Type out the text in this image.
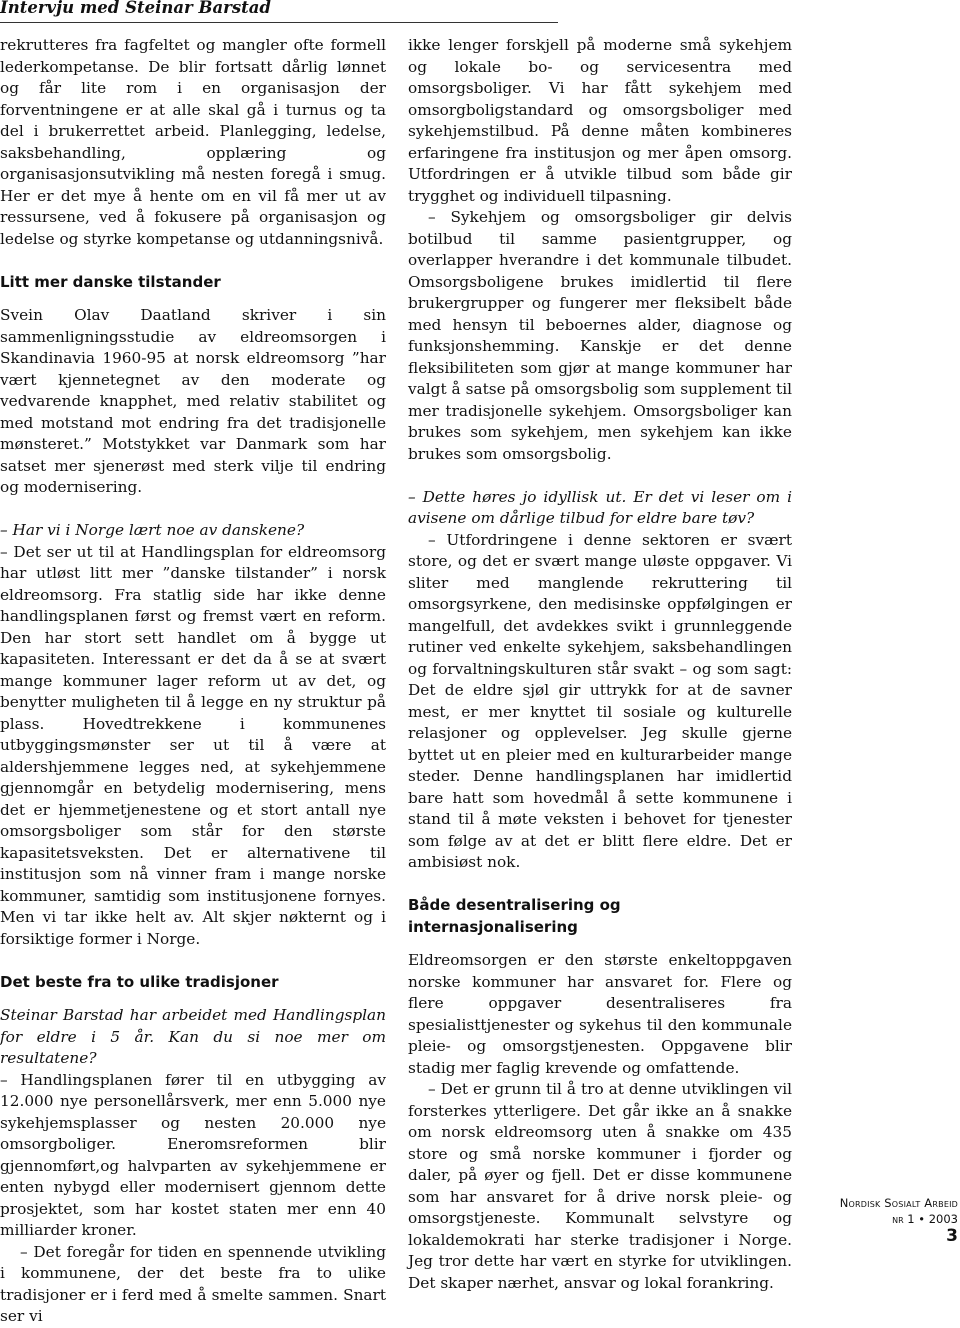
Intervju med Steinar Barstad

rekrutteres fra fagfeltet og mangler ofte formell lederkompetanse. De blir fortsatt dårlig lønnet og får lite rom i en organisasjon der forventningene er at alle skal gå i turnus og ta del i brukerrettet arbeid. Planlegging, ledelse, saksbehandling, opplæring og organisasjonsutvikling må nesten foregå i smug. Her er det mye å hente om en vil få mer ut av ressursene, ved å fokusere på organisasjon og ledelse og styrke kompetanse og utdanningsnivå.

Litt mer danske tilstander

Svein Olav Daatland skriver i sin sammenligningsstudie av eldreomsorgen i Skandinavia 1960-95 at norsk eldreomsorg ”har vært kjennetegnet av den moderate og vedvarende knapphet, med relativ stabilitet og med motstand mot endring fra det tradisjonelle mønsteret.” Motstykket var Danmark som har satset mer sjenerøst med sterk vilje til endring og modernisering.

– Har vi i Norge lært noe av danskene?

– Det ser ut til at Handlingsplan for eldreomsorg har utløst litt mer ”danske tilstander” i norsk eldreomsorg. Fra statlig side har ikke denne handlingsplanen først og fremst vært en reform. Den har stort sett handlet om å bygge ut kapasiteten. Interessant er det da å se at svært mange kommuner lager reform ut av det, og benytter muligheten til å legge en ny struktur på plass. Hovedtrekkene i kommunenes utbyggingsmønster ser ut til å være at aldershjemmene legges ned, at sykehjemmene gjennomgår en betydelig modernisering, mens det er hjemmetjenestene og et stort antall nye omsorgsboliger som står for den største kapasitetsveksten. Det er alternativene til institusjon som nå vinner fram i mange norske kommuner, samtidig som institusjonene fornyes. Men vi tar ikke helt av. Alt skjer nøkternt og i forsiktige former i Norge.

Det beste fra to ulike tradisjoner

Steinar Barstad har arbeidet med Handlingsplan for eldre i 5 år. Kan du si noe mer om resultatene?

– Handlingsplanen fører til en utbygging av 12.000 nye personellårsverk, mer enn 5.000 nye sykehjemsplasser og nesten 20.000 nye omsorgboliger. Eneromsreformen blir gjennomført,og halvparten av sykehjemmene er enten nybygd eller modernisert gjennom dette prosjektet, som har kostet staten mer enn 40 milliarder kroner.

– Det foregår for tiden en spennende utvikling i kommunene, der det beste fra to ulike tradisjoner er i ferd med å smelte sammen. Snart ser vi

ikke lenger forskjell på moderne små sykehjem og lokale bo- og servicesentra med omsorgsboliger. Vi har fått sykehjem med omsorgboligstandard og omsorgsboliger med sykehjemstilbud. På denne måten kombineres erfaringene fra institusjon og mer åpen omsorg. Utfordringen er å utvikle tilbud som både gir trygghet og individuell tilpasning.

– Sykehjem og omsorgsboliger gir delvis botilbud til samme pasientgrupper, og overlapper hverandre i det kommunale tilbudet. Omsorgsboligene brukes imidlertid til flere brukergrupper og fungerer mer fleksibelt både med hensyn til beboernes alder, diagnose og funksjonshemming. Kanskje er det denne fleksibiliteten som gjør at mange kommuner har valgt å satse på omsorgsbolig som supplement til mer tradisjonelle sykehjem. Omsorgsboliger kan brukes som sykehjem, men sykehjem kan ikke brukes som omsorgsbolig.

– Dette høres jo idyllisk ut. Er det vi leser om i avisene om dårlige tilbud for eldre bare tøv?

– Utfordringene i denne sektoren er svært store, og det er svært mange uløste oppgaver. Vi sliter med manglende rekruttering til omsorgsyrkene, den medisinske oppfølgingen er mangelfull, det avdekkes svikt i grunnleggende rutiner ved enkelte sykehjem, saksbehandlingen og forvaltningskulturen står svakt – og som sagt: Det de eldre sjøl gir uttrykk for at de savner mest, er mer knyttet til sosiale og kulturelle relasjoner og opplevelser. Jeg skulle gjerne byttet ut en pleier med en kulturarbeider mange steder. Denne handlingsplanen har imidlertid bare hatt som hovedmål å sette kommunene i stand til å møte veksten i behovet for tjenester som følge av at det er blitt flere eldre. Det er ambisiøst nok.

Både desentralisering og internasjonalisering

Eldreomsorgen er den største enkeltoppgaven norske kommuner har ansvaret for. Flere og flere oppgaver desentraliseres fra spesialisttjenester og sykehus til den kommunale pleie- og omsorgstjenesten. Oppgavene blir stadig mer faglig krevende og omfattende.

– Det er grunn til å tro at denne utviklingen vil forsterkes ytterligere. Det går ikke an å snakke om norsk eldreomsorg uten å snakke om 435 store og små norske kommuner i fjorder og daler, på øyer og fjell. Det er disse kommunene som har ansvaret for å drive norsk pleie- og omsorgstjeneste. Kommunalt selvstyre og lokaldemokrati har sterke tradisjoner i Norge. Jeg tror dette har vært en styrke for utviklingen. Det skaper nærhet, ansvar og lokal forankring.

Nordisk Sosialt Arbeid
nr 1 • 2003
3
